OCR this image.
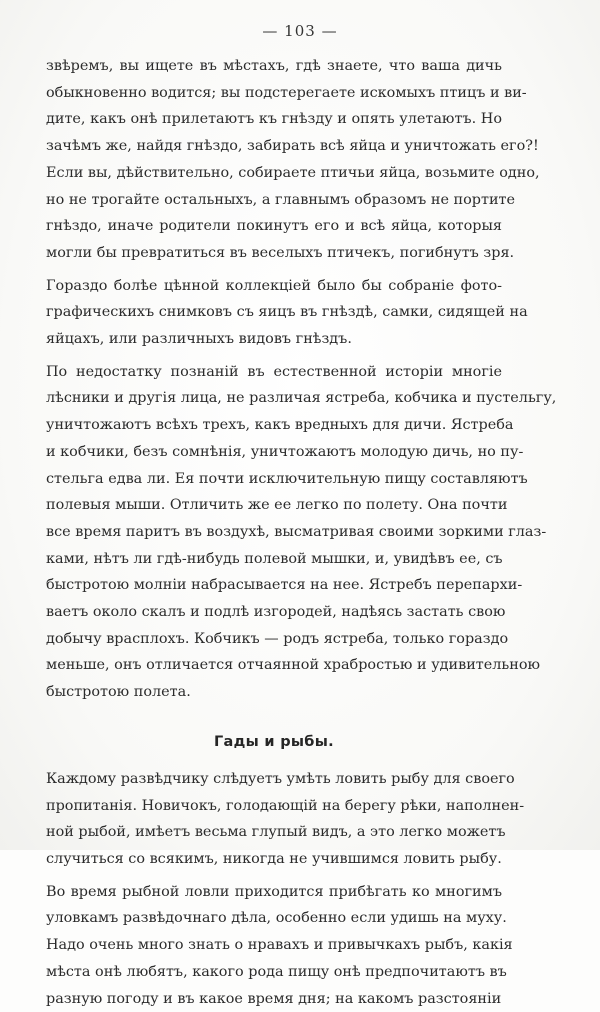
— 103 —
звѣремъ, вы ищете въ мѣстахъ, гдѣ знаете, что ваша дичь
обыкновенно водится; вы подстерегаете искомыхъ птицъ и ви-
дите, какъ онѣ прилетаютъ къ гнѣзду и опять улетаютъ. Но
зачѣмъ же, найдя гнѣздо, забирать всѣ яйца и уничтожать его?!
Если вы, дѣйствительно, собираете птичьи яйца, возьмите одно,
но не трогайте остальныхъ, а главнымъ образомъ не портите
гнѣздо, иначе родители покинутъ его и всѣ яйца, которыя
могли бы превратиться въ веселыхъ птичекъ, погибнутъ зря.
Гораздо болѣе цѣнной коллекціей было бы собраніе фото-
графическихъ снимковъ съ яицъ въ гнѣздѣ, самки, сидящей на
яйцахъ, или различныхъ видовъ гнѣздъ.
По недостатку познаній въ естественной исторіи многіе
лѣсники и другія лица, не различая ястреба, кобчика и пустельгу,
уничтожаютъ всѣхъ трехъ, какъ вредныхъ для дичи. Ястреба
и кобчики, безъ сомнѣнія, уничтожаютъ молодую дичь, но пу-
стельга едва ли. Ея почти исключительную пищу составляютъ
полевыя мыши. Отличить же ее легко по полету. Она почти
все время паритъ въ воздухѣ, высматривая своими зоркими глаз-
ками, нѣтъ ли гдѣ-нибудь полевой мышки, и, увидѣвъ ее, съ
быстротою молніи набрасывается на нее. Ястребъ перепархи-
ваетъ около скалъ и подлѣ изгородей, надѣясь застать свою
добычу врасплохъ. Кобчикъ — родъ ястреба, только гораздо
меньше, онъ отличается отчаянной храбростью и удивительною
быстротою полета.
Гады и рыбы.
Каждому развѣдчику слѣдуетъ умѣть ловить рыбу для своего
пропитанія. Новичокъ, голодающій на берегу рѣки, наполнен-
ной рыбой, имѣетъ весьма глупый видъ, а это легко можетъ
случиться со всякимъ, никогда не учившимся ловить рыбу.
Во время рыбной ловли приходится прибѣгать ко многимъ
уловкамъ развѣдочнаго дѣла, особенно если удишь на муху.
Надо очень много знать о нравахъ и привычкахъ рыбъ, какія
мѣста онѣ любятъ, какого рода пищу онѣ предпочитаютъ въ
разную погоду и въ какое время дня; на какомъ разстояніи
